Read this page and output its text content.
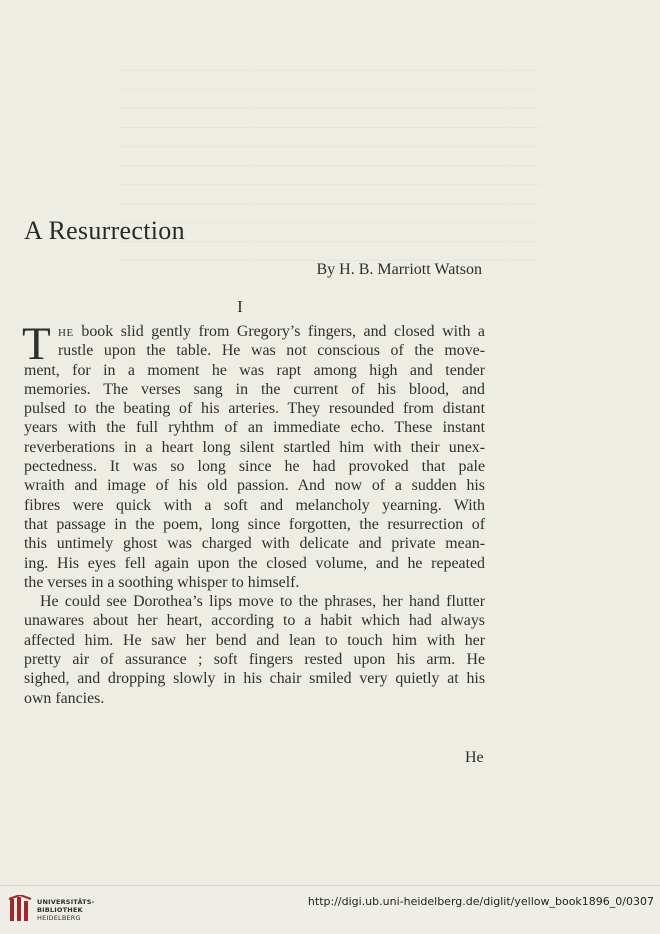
A Resurrection
By H. B. Marriott Watson
I
T HE book slid gently from Gregory’s fingers, and closed with a
rustle upon the table. He was not conscious of the move-
ment, for in a moment he was rapt among high and tender
memories. The verses sang in the current of his blood, and
pulsed to the beating of his arteries. They resounded from distant
years with the full ryhthm of an immediate echo. These instant
reverberations in a heart long silent startled him with their unex-
pectedness. It was so long since he had provoked that pale
wraith and image of his old passion. And now of a sudden his
fibres were quick with a soft and melancholy yearning. With
that passage in the poem, long since forgotten, the resurrection of
this untimely ghost was charged with delicate and private mean-
ing. His eyes fell again upon the closed volume, and he repeated
the verses in a soothing whisper to himself.
He could see Dorothea’s lips move to the phrases, her hand flutter
unawares about her heart, according to a habit which had always
affected him. He saw her bend and lean to touch him with her
pretty air of assurance ; soft fingers rested upon his arm. He
sighed, and dropping slowly in his chair smiled very quietly at his
own fancies.
He
UNIVERSITÄTS-
BIBLIOTHEK
HEIDELBERG
http://digi.ub.uni-heidelberg.de/diglit/yellow_book1896_0/0307
